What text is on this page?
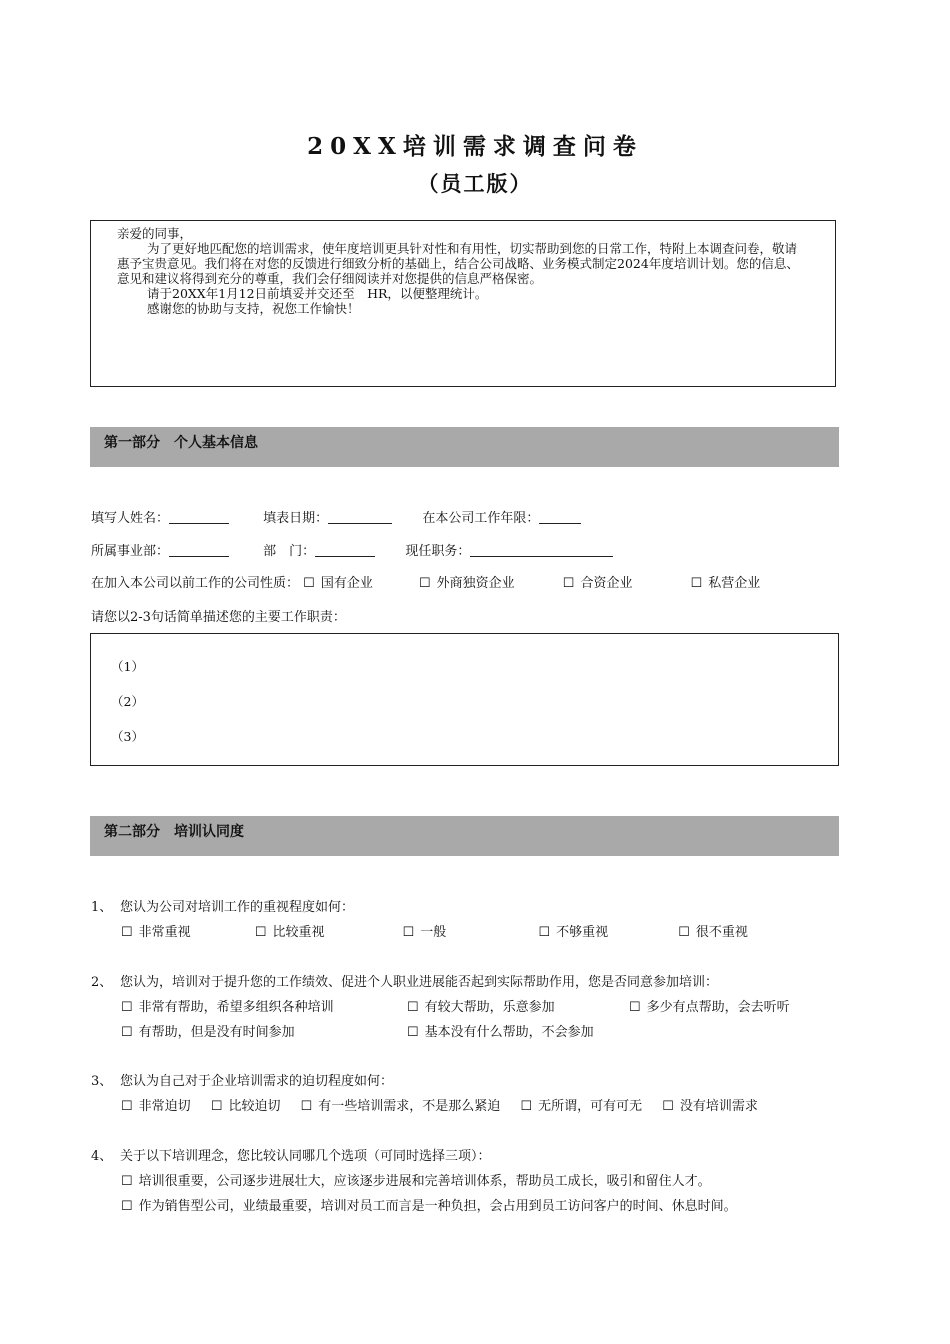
20XX培训需求调查问卷
（员工版）

亲爱的同事，

为了更好地匹配您的培训需求，使年度培训更具针对性和有用性，切实帮助到您的日常工作，特附上本调查问卷，敬请惠予宝贵意见。我们将在对您的反馈进行细致分析的基础上，结合公司战略、业务模式制定2024年度培训计划。您的信息、意见和建议将得到充分的尊重，我们会仔细阅读并对您提供的信息严格保密。

请于20XX年1月12日前填妥并交还至　HR，以便整理统计。

感谢您的协助与支持，祝您工作愉快！

第一部分　个人基本信息
填写人姓名：	填表日期：	在本公司工作年限：
所属事业部：	部　门：	现任职务：
在加入本公司以前工作的公司性质： ☐ 国有企业	☐ 外商独资企业	☐ 合资企业	☐ 私营企业
请您以2-3句话简单描述您的主要工作职责：
（1）
（2）
（3）
第二部分　培训认同度
1、 您认为公司对培训工作的重视程度如何：
☐ 非常重视	☐ 比较重视	☐ 一般	☐ 不够重视	☐ 很不重视
2、 您认为，培训对于提升您的工作绩效、促进个人职业进展能否起到实际帮助作用，您是否同意参加培训：
☐ 非常有帮助，希望多组织各种培训	☐ 有较大帮助，乐意参加	☐ 多少有点帮助，会去听听
☐ 有帮助，但是没有时间参加	☐ 基本没有什么帮助，不会参加
3、 您认为自己对于企业培训需求的迫切程度如何：
☐ 非常迫切	☐ 比较迫切	☐ 有一些培训需求，不是那么紧迫	☐ 无所谓，可有可无	☐ 没有培训需求
4、 关于以下培训理念，您比较认同哪几个选项（可同时选择三项）：
☐ 培训很重要，公司逐步进展壮大，应该逐步进展和完善培训体系，帮助员工成长，吸引和留住人才。
☐ 作为销售型公司，业绩最重要，培训对员工而言是一种负担，会占用到员工访问客户的时间、休息时间。
